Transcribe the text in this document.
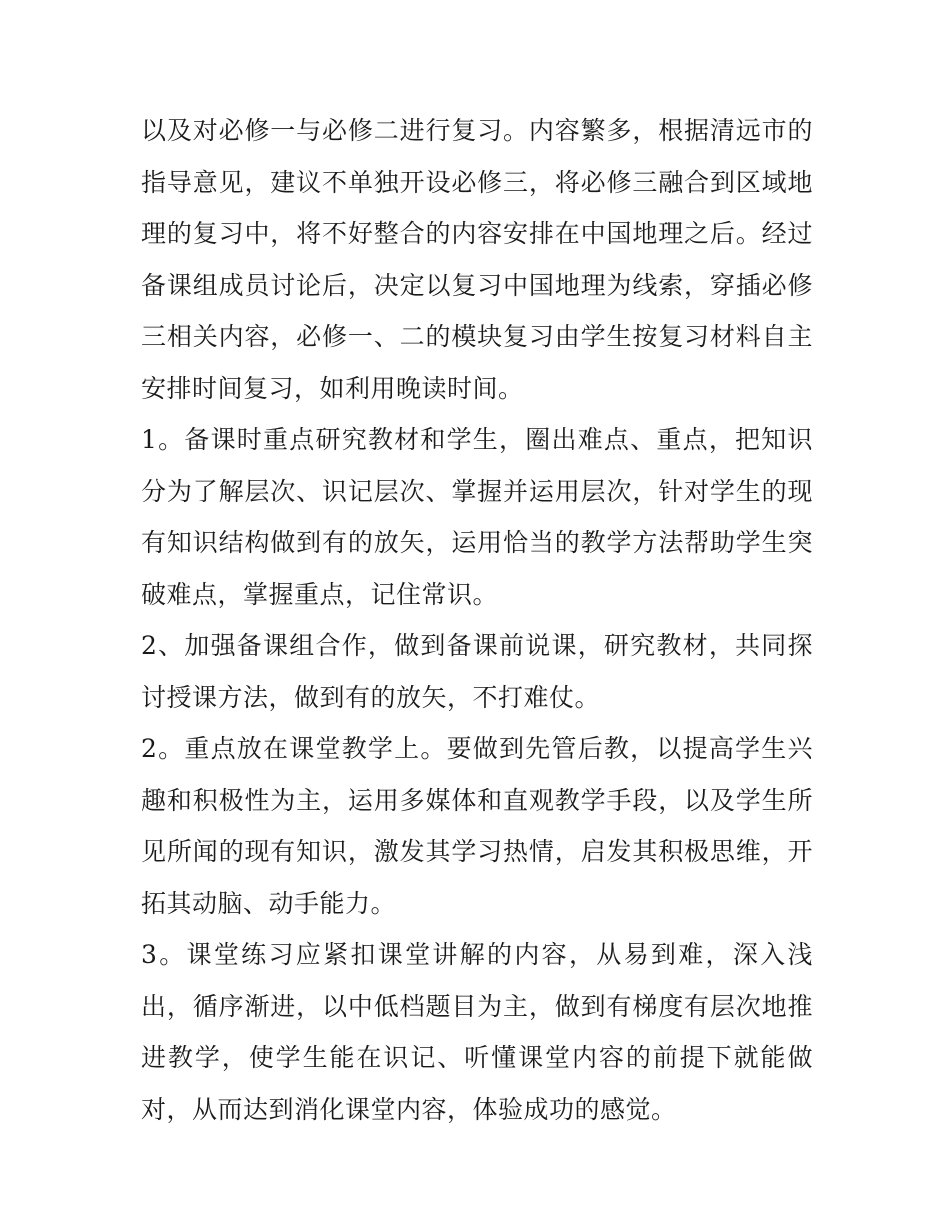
以及对必修一与必修二进行复习。内容繁多，根据清远市的指导意见，建议不单独开设必修三，将必修三融合到区域地理的复习中，将不好整合的内容安排在中国地理之后。经过备课组成员讨论后，决定以复习中国地理为线索，穿插必修三相关内容，必修一、二的模块复习由学生按复习材料自主安排时间复习，如利用晚读时间。

1。备课时重点研究教材和学生，圈出难点、重点，把知识分为了解层次、识记层次、掌握并运用层次，针对学生的现有知识结构做到有的放矢，运用恰当的教学方法帮助学生突破难点，掌握重点，记住常识。

2、加强备课组合作，做到备课前说课，研究教材，共同探讨授课方法，做到有的放矢，不打难仗。

2。重点放在课堂教学上。要做到先管后教，以提高学生兴趣和积极性为主，运用多媒体和直观教学手段，以及学生所见所闻的现有知识，激发其学习热情，启发其积极思维，开拓其动脑、动手能力。

3。课堂练习应紧扣课堂讲解的内容，从易到难，深入浅出，循序渐进，以中低档题目为主，做到有梯度有层次地推进教学，使学生能在识记、听懂课堂内容的前提下就能做对，从而达到消化课堂内容，体验成功的感觉。
